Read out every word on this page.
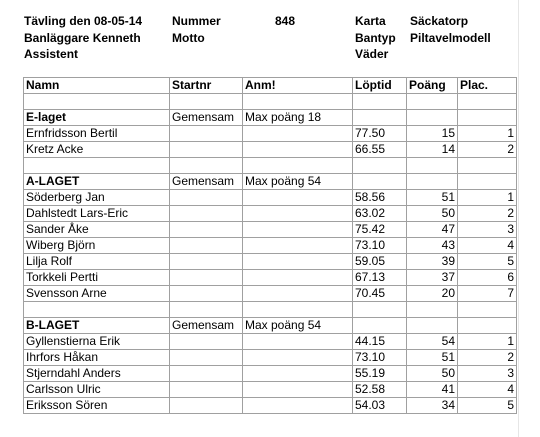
Tävling den 08-05-14 Nummer	848	Karta Säckatorp
Banläggare Kenneth	Motto	Bantyp Piltavelmodell
Assistent	Väder
Namn	Startnr	Anm!	Löptid	Poäng	Plac.

E-laget	Gemensam	Max poäng 18			
Ernfridsson Bertil			77.50	15	1
Kretz Acke			66.55	14	2

A-LAGET	Gemensam	Max poäng 54			
Söderberg Jan			58.56	51	1
Dahlstedt Lars-Eric			63.02	50	2
Sander Åke			75.42	47	3
Wiberg Björn			73.10	43	4
Lilja Rolf			59.05	39	5
Torkkeli Pertti			67.13	37	6
Svensson Arne			70.45	20	7

B-LAGET	Gemensam	Max poäng 54			
Gyllenstierna Erik			44.15	54	1
Ihrfors Håkan			73.10	51	2
Stjerndahl Anders			55.19	50	3
Carlsson Ulric			52.58	41	4
Eriksson Sören			54.03	34	5
